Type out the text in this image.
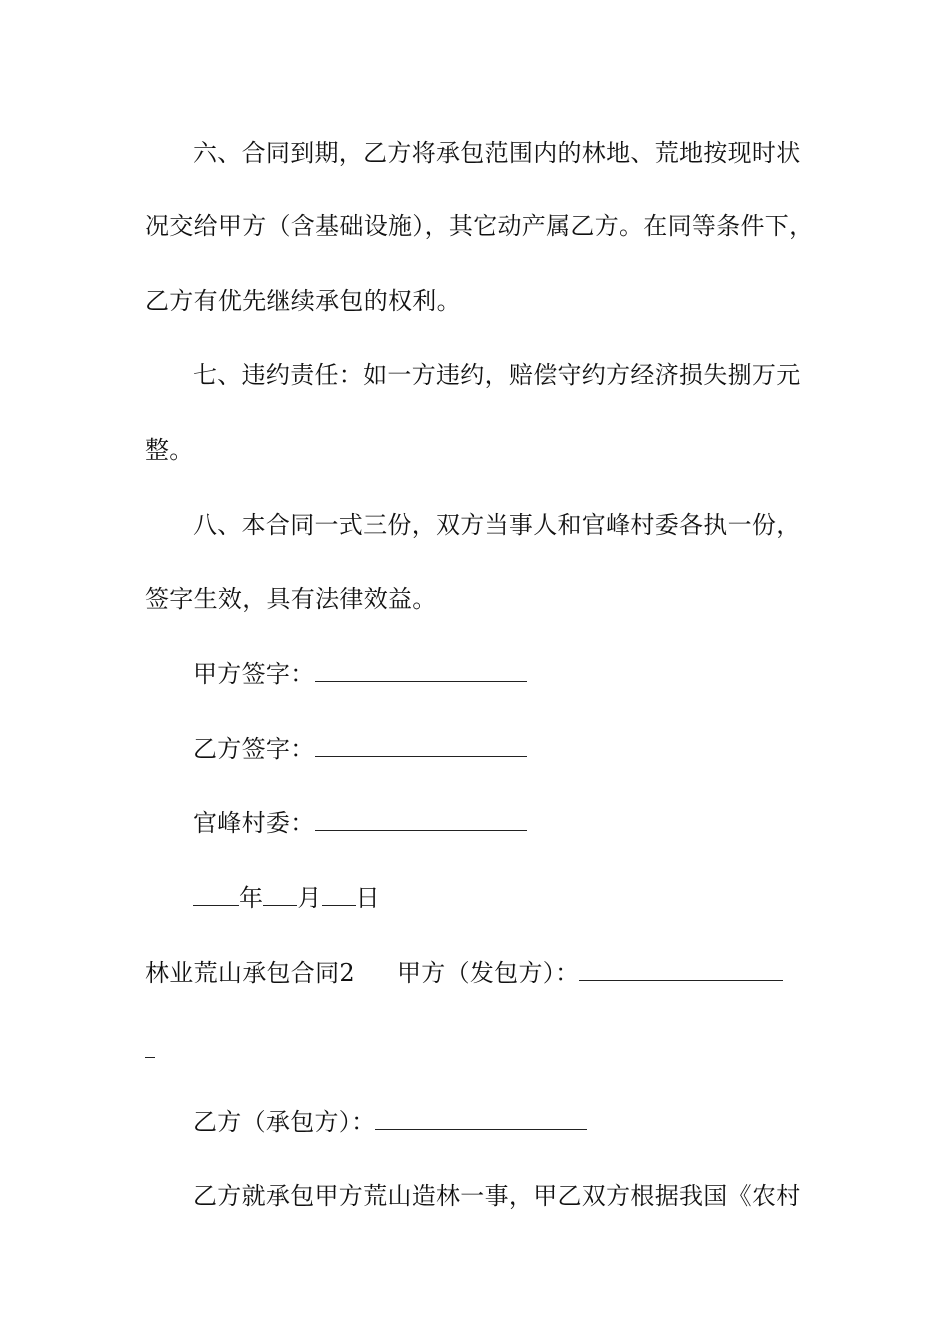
六、合同到期，乙方将承包范围内的林地、荒地按现时状
况交给甲方（含基础设施），其它动产属乙方。在同等条件下，
乙方有优先继续承包的权利。
七、违约责任：如一方违约，赔偿守约方经济损失捌万元
整。
八、本合同一式三份，双方当事人和官峰村委各执一份，
签字生效，具有法律效益。
甲方签字：
乙方签字：
官峰村委：
年 月 日
林业荒山承包合同2 甲方（发包方）：
乙方（承包方）：
乙方就承包甲方荒山造林一事，甲乙双方根据我国《农村
